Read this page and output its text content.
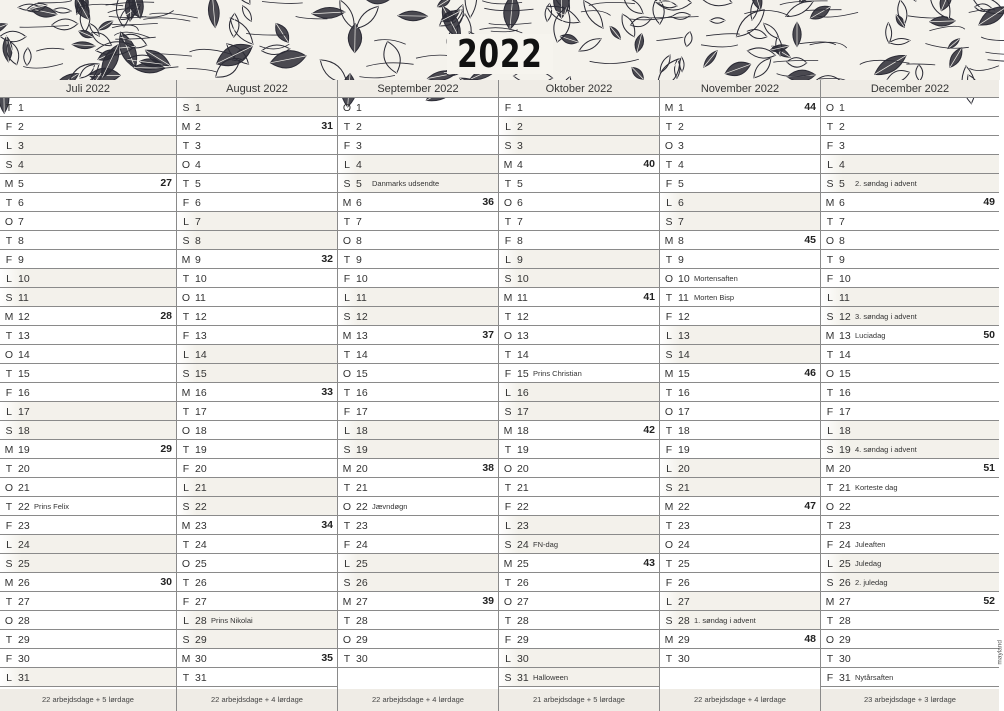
2022
Juli 2022
T 1
F 2
L 3
S 4
M 5	27
T 6
O 7
T 8
F 9
L 10
S 11
M 12	28
T 13
O 14
T 15
F 16
L 17
S 18
M 19	29
T 20
O 21
T 22 Prins Felix
F 23
L 24
S 25
M 26	30
T 27
O 28
T 29
F 30
L 31
22 arbejdsdage + 5 lørdage
August 2022
S 1
M 2	31
T 3
O 4
T 5
F 6
L 7
S 8
M 9	32
T 10
O 11
T 12
F 13
L 14
S 15
M 16	33
T 17
O 18
T 19
F 20
L 21
S 22
M 23	34
T 24
O 25
T 26
F 27
L 28 Prins Nikolai
S 29
M 30	35
T 31
22 arbejdsdage + 4 lørdage
September 2022
O 1
T 2
F 3
L 4
S 5 Danmarks udsendte
M 6	36
T 7
O 8
T 9
F 10
L 11
S 12
M 13	37
T 14
O 15
T 16
F 17
L 18
S 19
M 20	38
T 21
O 22 Jævndøgn
T 23
F 24
L 25
S 26
M 27	39
T 28
O 29
T 30
22 arbejdsdage + 4 lørdage
Oktober 2022
F 1
L 2
S 3
M 4	40
T 5
O 6
T 7
F 8
L 9
S 10
M 11	41
T 12
O 13
T 14
F 15 Prins Christian
L 16
S 17
M 18	42
T 19
O 20
T 21
F 22
L 23
S 24 FN-dag
M 25	43
T 26
O 27
T 28
F 29
L 30
S 31 Halloween
21 arbejdsdage + 5 lørdage
November 2022
M 1	44
T 2
O 3
T 4
F 5
L 6
S 7
M 8	45
T 9
O 10 Mortensaften
T 11 Morten Bisp
F 12
L 13
S 14
M 15	46
T 16
O 17
T 18
F 19
L 20
S 21
M 22	47
T 23
O 24
T 25
F 26
L 27
S 28 1. søndag i advent
M 29	48
T 30
22 arbejdsdage + 4 lørdage
December 2022
O 1
T 2
F 3
L 4
S 5 2. søndag i advent
M 6	49
T 7
O 8
T 9
F 10
L 11
S 12 3. søndag i advent
M 13 Luciadag	50
T 14
O 15
T 16
F 17
L 18
S 19 4. søndag i advent
M 20	51
T 21 Korteste dag
O 22
T 23
F 24 Juleaften
L 25 Juledag
S 26 2. juledag
M 27	52
T 28
O 29
T 30
F 31 Nytårsaften
23 arbejdsdage + 3 lørdage
mayland
